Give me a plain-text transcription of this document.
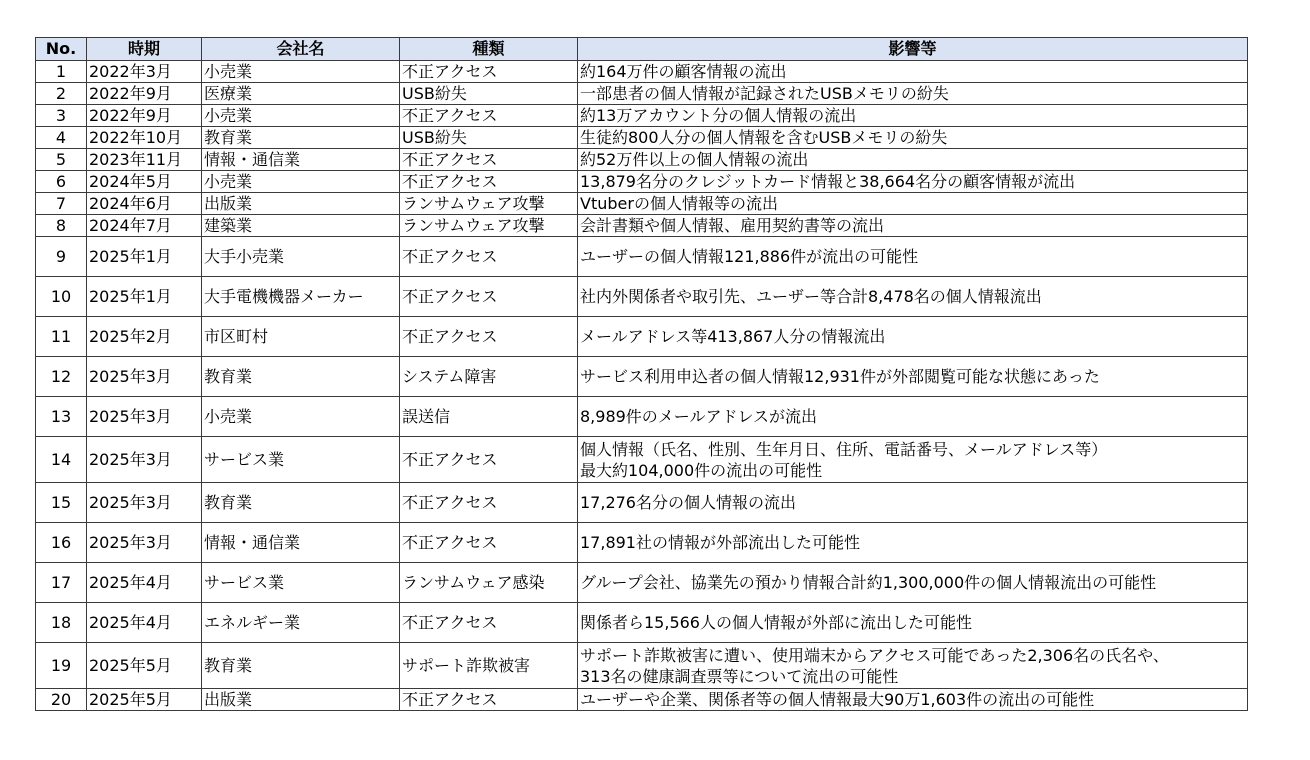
No.	時期	会社名	種類	影響等
1	2022年3月	小売業	不正アクセス	約164万件の顧客情報の流出
2	2022年9月	医療業	USB紛失	一部患者の個人情報が記録されたUSBメモリの紛失
3	2022年9月	小売業	不正アクセス	約13万アカウント分の個人情報の流出
4	2022年10月	教育業	USB紛失	生徒約800人分の個人情報を含むUSBメモリの紛失
5	2023年11月	情報・通信業	不正アクセス	約52万件以上の個人情報の流出
6	2024年5月	小売業	不正アクセス	13,879名分のクレジットカード情報と38,664名分の顧客情報が流出
7	2024年6月	出版業	ランサムウェア攻撃	Vtuberの個人情報等の流出
8	2024年7月	建築業	ランサムウェア攻撃	会計書類や個人情報、雇用契約書等の流出
9	2025年1月	大手小売業	不正アクセス	ユーザーの個人情報121,886件が流出の可能性
10	2025年1月	大手電機機器メーカー	不正アクセス	社内外関係者や取引先、ユーザー等合計8,478名の個人情報流出
11	2025年2月	市区町村	不正アクセス	メールアドレス等413,867人分の情報流出
12	2025年3月	教育業	システム障害	サービス利用申込者の個人情報12,931件が外部閲覧可能な状態にあった
13	2025年3月	小売業	誤送信	8,989件のメールアドレスが流出
14	2025年3月	サービス業	不正アクセス	個人情報（氏名、性別、生年月日、住所、電話番号、メールアドレス等）
最大約104,000件の流出の可能性
15	2025年3月	教育業	不正アクセス	17,276名分の個人情報の流出
16	2025年3月	情報・通信業	不正アクセス	17,891社の情報が外部流出した可能性
17	2025年4月	サービス業	ランサムウェア感染	グループ会社、協業先の預かり情報合計約1,300,000件の個人情報流出の可能性
18	2025年4月	エネルギー業	不正アクセス	関係者ら15,566人の個人情報が外部に流出した可能性
19	2025年5月	教育業	サポート詐欺被害	サポート詐欺被害に遭い、使用端末からアクセス可能であった2,306名の氏名や、
313名の健康調査票等について流出の可能性
20	2025年5月	出版業	不正アクセス	ユーザーや企業、関係者等の個人情報最大90万1,603件の流出の可能性
